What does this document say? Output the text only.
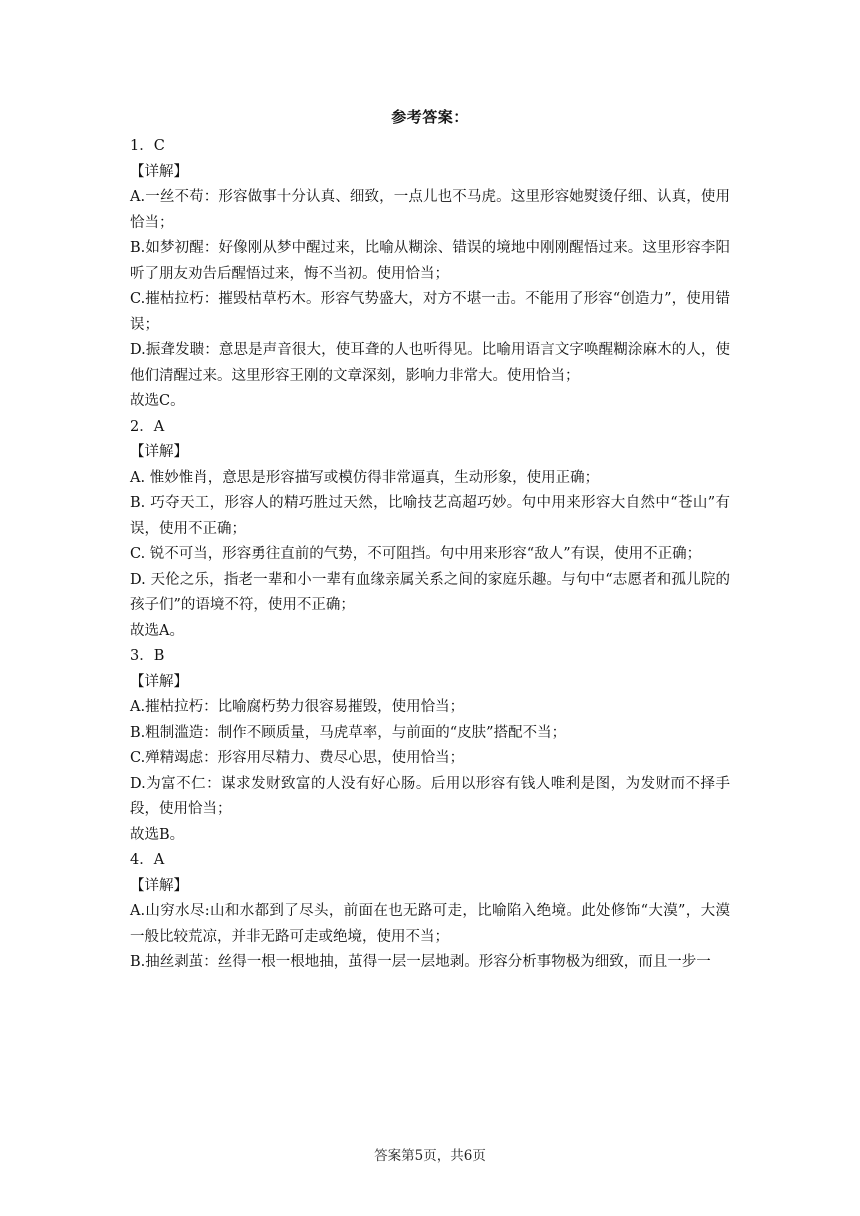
参考答案：
1．C
【详解】

A.一丝不苟：形容做事十分认真、细致，一点儿也不马虎。这里形容她熨烫仔细、认真，使用恰当；

B.如梦初醒：好像刚从梦中醒过来，比喻从糊涂、错误的境地中刚刚醒悟过来。这里形容李阳听了朋友劝告后醒悟过来，悔不当初。使用恰当；

C.摧枯拉朽：摧毁枯草朽木。形容气势盛大，对方不堪一击。不能用了形容“创造力”，使用错误；

D.振聋发聩：意思是声音很大，使耳聋的人也听得见。比喻用语言文字唤醒糊涂麻木的人，使他们清醒过来。这里形容王刚的文章深刻，影响力非常大。使用恰当；

故选C。

2．A
【详解】

A. 惟妙惟肖，意思是形容描写或模仿得非常逼真，生动形象，使用正确；

B. 巧夺天工，形容人的精巧胜过天然，比喻技艺高超巧妙。句中用来形容大自然中“苍山”有误，使用不正确；

C. 锐不可当，形容勇往直前的气势，不可阻挡。句中用来形容“敌人”有误，使用不正确；

D. 天伦之乐，指老一辈和小一辈有血缘亲属关系之间的家庭乐趣。与句中“志愿者和孤儿院的孩子们”的语境不符，使用不正确；

故选A。

3．B
【详解】

A.摧枯拉朽：比喻腐朽势力很容易摧毁，使用恰当；

B.粗制滥造：制作不顾质量，马虎草率，与前面的“皮肤”搭配不当；

C.殚精竭虑：形容用尽精力、费尽心思，使用恰当；

D.为富不仁：谋求发财致富的人没有好心肠。后用以形容有钱人唯利是图，为发财而不择手段，使用恰当；

故选B。

4．A
【详解】

A.山穷水尽:山和水都到了尽头，前面在也无路可走，比喻陷入绝境。此处修饰“大漠”，大漠一般比较荒凉，并非无路可走或绝境，使用不当；

B.抽丝剥茧：丝得一根一根地抽，茧得一层一层地剥。形容分析事物极为细致，而且一步一

答案第5页，共6页
